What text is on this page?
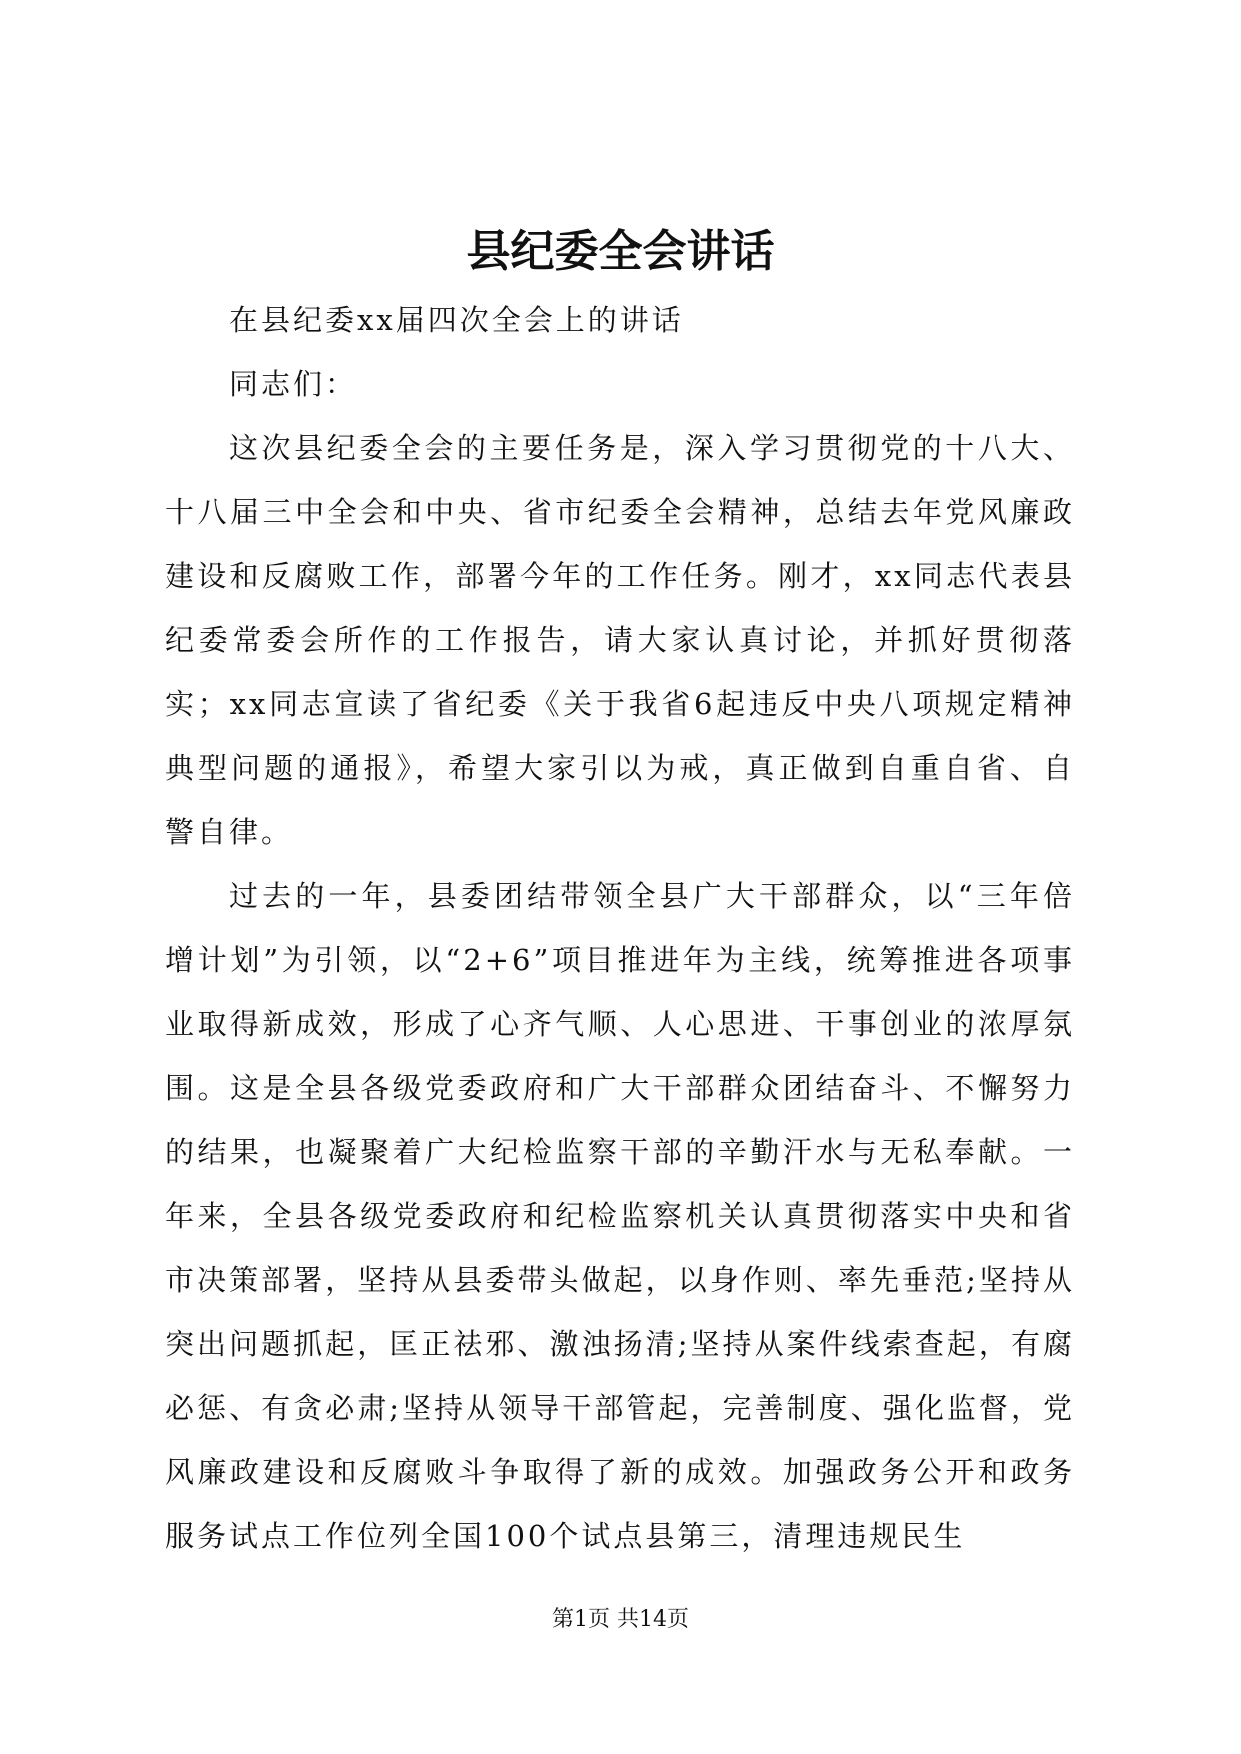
县纪委全会讲话

在县纪委xx届四次全会上的讲话

同志们：

这次县纪委全会的主要任务是，深入学习贯彻党的十八大、十八届三中全会和中央、省市纪委全会精神，总结去年党风廉政建设和反腐败工作，部署今年的工作任务。刚才，xx同志代表县纪委常委会所作的工作报告，请大家认真讨论，并抓好贯彻落实；xx同志宣读了省纪委《关于我省6起违反中央八项规定精神典型问题的通报》，希望大家引以为戒，真正做到自重自省、自警自律。

过去的一年，县委团结带领全县广大干部群众，以“三年倍增计划”为引领，以“2+6”项目推进年为主线，统筹推进各项事业取得新成效，形成了心齐气顺、人心思进、干事创业的浓厚氛围。这是全县各级党委政府和广大干部群众团结奋斗、不懈努力的结果，也凝聚着广大纪检监察干部的辛勤汗水与无私奉献。一年来，全县各级党委政府和纪检监察机关认真贯彻落实中央和省市决策部署，坚持从县委带头做起，以身作则、率先垂范;坚持从突出问题抓起，匡正祛邪、激浊扬清;坚持从案件线索查起，有腐必惩、有贪必肃;坚持从领导干部管起，完善制度、强化监督，党风廉政建设和反腐败斗争取得了新的成效。加强政务公开和政务服务试点工作位列全国100个试点县第三，清理违规民生

第1页 共14页
